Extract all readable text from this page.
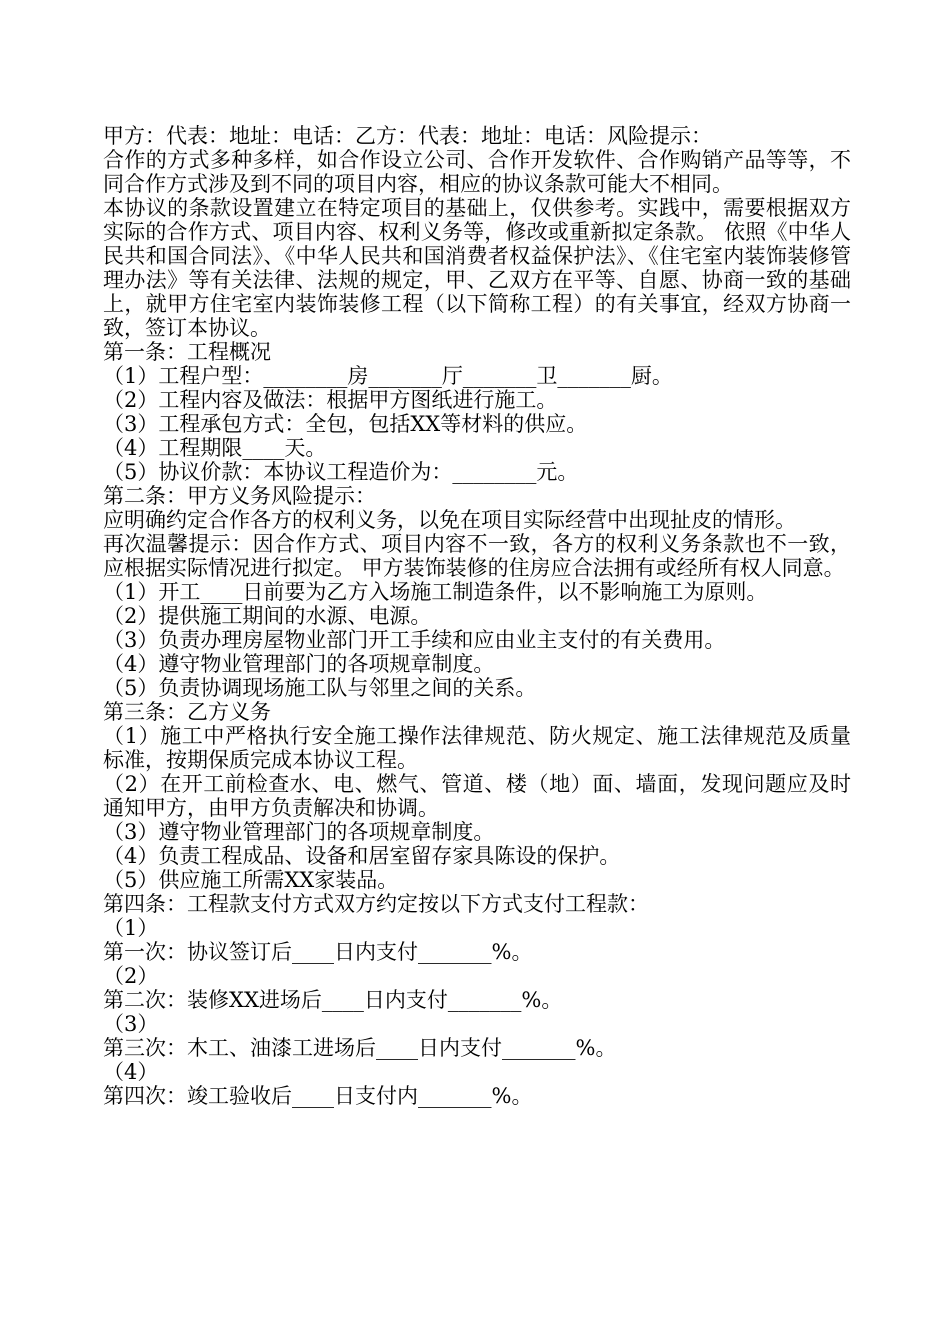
甲方：代表：地址：电话：乙方：代表：地址：电话：风险提示：

合作的方式多种多样，如合作设立公司、合作开发软件、合作购销产品等等，不同合作方式涉及到不同的项目内容，相应的协议条款可能大不相同。

本协议的条款设置建立在特定项目的基础上，仅供参考。实践中，需要根据双方实际的合作方式、项目内容、权利义务等，修改或重新拟定条款。 依照《中华人民共和国合同法》、《中华人民共和国消费者权益保护法》、《住宅室内装饰装修管理办法》等有关法律、法规的规定，甲、乙双方在平等、自愿、协商一致的基础上，就甲方住宅室内装饰装修工程（以下简称工程）的有关事宜，经双方协商一致，签订本协议。

第一条：工程概况

（1）工程户型：________房_______厅_______卫_______厨。

（2）工程内容及做法：根据甲方图纸进行施工。

（3）工程承包方式：全包，包括XX等材料的供应。

（4）工程期限____天。

（5）协议价款：本协议工程造价为：________元。

第二条：甲方义务风险提示：

应明确约定合作各方的权利义务，以免在项目实际经营中出现扯皮的情形。

再次温馨提示：因合作方式、项目内容不一致，各方的权利义务条款也不一致，应根据实际情况进行拟定。 甲方装饰装修的住房应合法拥有或经所有权人同意。

（1）开工____日前要为乙方入场施工制造条件，以不影响施工为原则。

（2）提供施工期间的水源、电源。

（3）负责办理房屋物业部门开工手续和应由业主支付的有关费用。

（4）遵守物业管理部门的各项规章制度。

（5）负责协调现场施工队与邻里之间的关系。

第三条：乙方义务

（1）施工中严格执行安全施工操作法律规范、防火规定、施工法律规范及质量标准，按期保质完成本协议工程。

（2）在开工前检查水、电、燃气、管道、楼（地）面、墙面，发现问题应及时通知甲方，由甲方负责解决和协调。

（3）遵守物业管理部门的各项规章制度。

（4）负责工程成品、设备和居室留存家具陈设的保护。

（5）供应施工所需XX家装品。

第四条：工程款支付方式双方约定按以下方式支付工程款：

（1）

第一次：协议签订后____日内支付_______%。

（2）

第二次：装修XX进场后____日内支付_______%。

（3）

第三次：木工、油漆工进场后____日内支付_______%。

（4）

第四次：竣工验收后____日支付内_______%。
